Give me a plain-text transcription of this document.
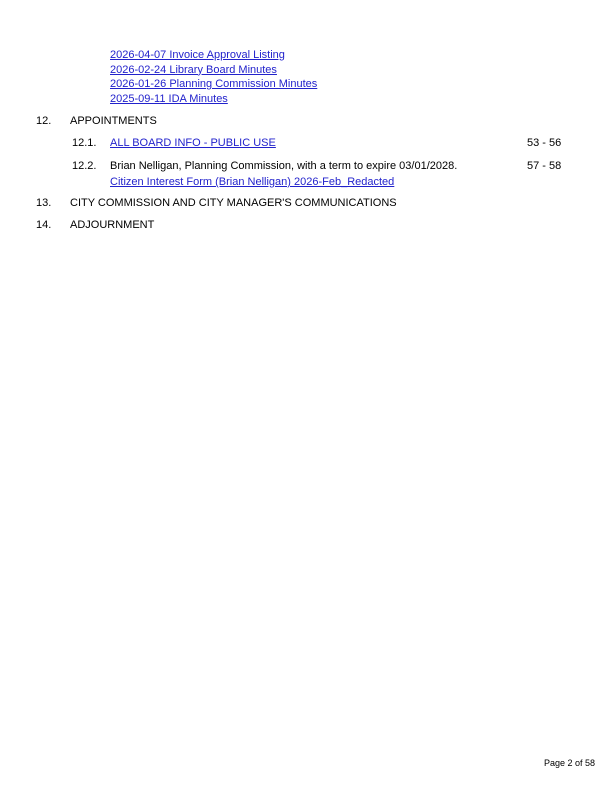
2026-04-07 Invoice Approval Listing
2026-02-24 Library Board Minutes
2026-01-26 Planning Commission Minutes
2025-09-11 IDA Minutes
12. APPOINTMENTS
12.1. ALL BOARD INFO - PUBLIC USE	53 - 56
12.2. Brian Nelligan, Planning Commission, with a term to expire 03/01/2028.	57 - 58
Citizen Interest Form (Brian Nelligan) 2026-Feb_Redacted
13. CITY COMMISSION AND CITY MANAGER'S COMMUNICATIONS
14. ADJOURNMENT
Page 2 of 58
